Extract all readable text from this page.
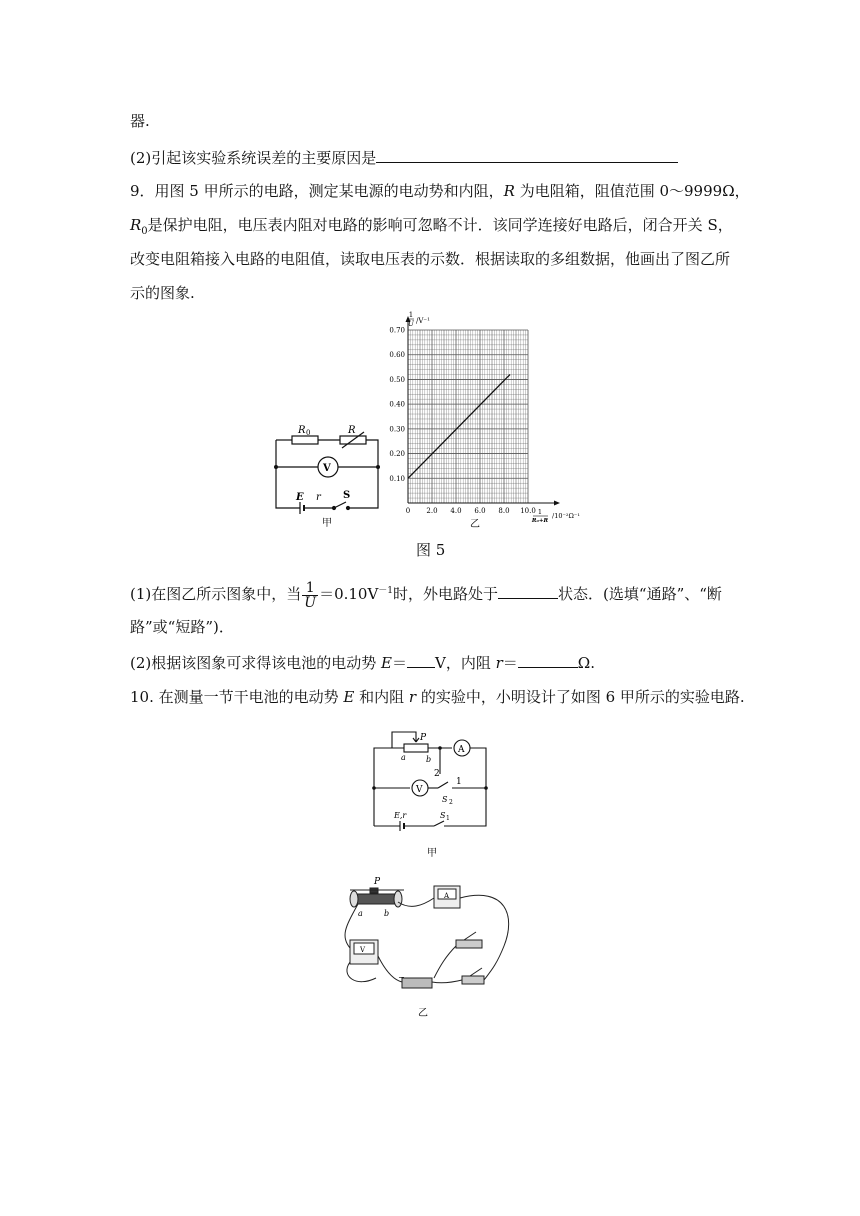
器.
(2)引起该实验系统误差的主要原因是
9．用图 5 甲所示的电路，测定某电源的电动势和内阻，R 为电阻箱，阻值范围 0～9999Ω，
$R_0$是保护电阻，电压表内阻对电路的影响可忽略不计．该同学连接好电路后，闭合开关 S，
改变电阻箱接入电路的电阻值，读取电压表的示数．根据读取的多组数据，他画出了图乙所
示的图象.
R 0	R
V
E r S
甲
0.10
0.20
0.30
0.40
0.50
0.60
0.70
0 2.0 4.0 6.0 8.0 10.0
1
U /V⁻¹
1
R₀+R
/10⁻²Ω⁻¹
乙
图 5
(1)在图乙所示图象中，当 $\frac{1}{U} =0.10V^{-1}$时，外电路处于	状态．(选填“通路”、“断
路”或“短路”)．
(2)根据该图象可求得该电池的电动势 E＝ V，内阻 r＝	Ω.
10. 在测量一节干电池的电动势 E 和内阻 r 的实验中，小明设计了如图 6 甲所示的实验电路.
P
a	b
A
2
1
V
S 2
E,r	S 1
甲
P
a	b
A
V
−
乙
